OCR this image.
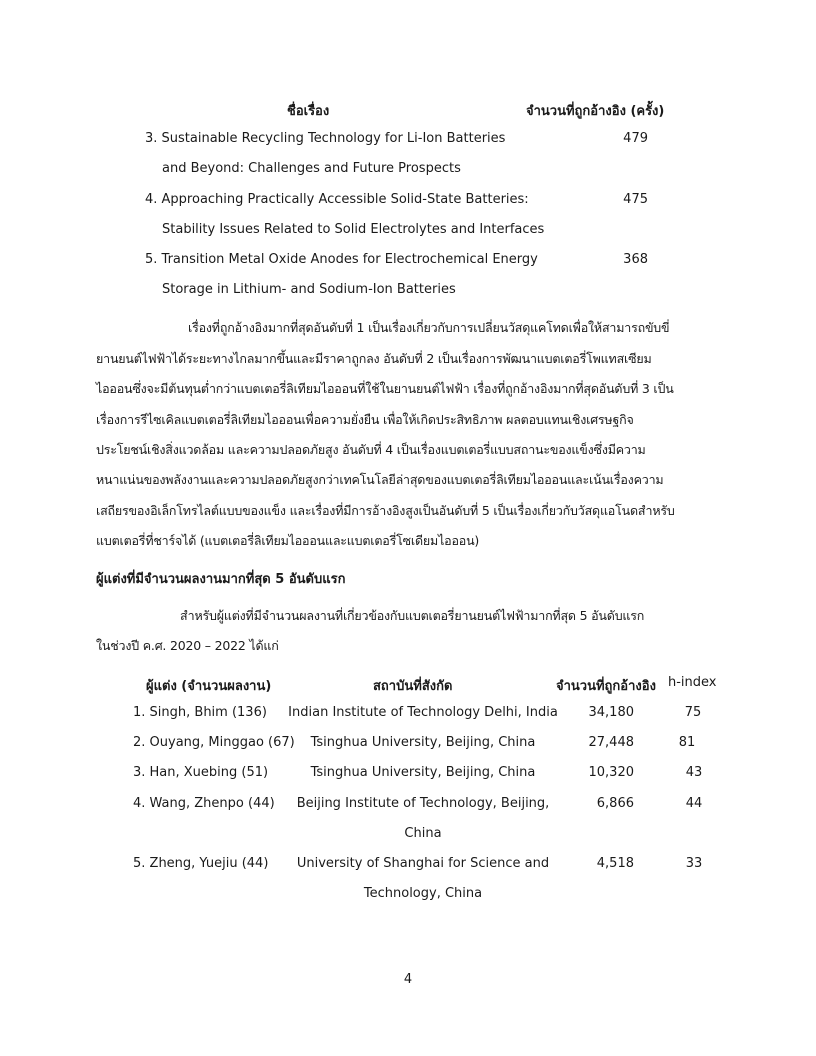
ชื่อเรื่อง	จำนวนที่ถูกอ้างอิง (ครั้ง)
3. Sustainable Recycling Technology for Li-Ion Batteries
and Beyond: Challenges and Future Prospects
479
4. Approaching Practically Accessible Solid-State Batteries:
Stability Issues Related to Solid Electrolytes and Interfaces
475
5. Transition Metal Oxide Anodes for Electrochemical Energy
Storage in Lithium- and Sodium-Ion Batteries
368
เรื่องที่ถูกอ้างอิงมากที่สุดอันดับที่ 1 เป็นเรื่องเกี่ยวกับการเปลี่ยนวัสดุแคโทดเพื่อให้สามารถขับขี่
ยานยนต์ไฟฟ้าได้ระยะทางไกลมากขึ้นและมีราคาถูกลง อันดับที่ 2 เป็นเรื่องการพัฒนาแบตเตอรี่โพแทสเซียม
ไอออนซึ่งจะมีต้นทุนต่ำกว่าแบตเตอรี่ลิเทียมไอออนที่ใช้ในยานยนต์ไฟฟ้า เรื่องที่ถูกอ้างอิงมากที่สุดอันดับที่ 3 เป็น
เรื่องการรีไซเคิลแบตเตอรี่ลิเทียมไอออนเพื่อความยั่งยืน เพื่อให้เกิดประสิทธิภาพ ผลตอบแทนเชิงเศรษฐกิจ
ประโยชน์เชิงสิ่งแวดล้อม และความปลอดภัยสูง อันดับที่ 4 เป็นเรื่องแบตเตอรี่แบบสถานะของแข็งซึ่งมีความ
หนาแน่นของพลังงานและความปลอดภัยสูงกว่าเทคโนโลยีล่าสุดของแบตเตอรี่ลิเทียมไอออนและเน้นเรื่องความ
เสถียรของอิเล็กโทรไลต์แบบของแข็ง และเรื่องที่มีการอ้างอิงสูงเป็นอันดับที่ 5 เป็นเรื่องเกี่ยวกับวัสดุแอโนดสำหรับ
แบตเตอรี่ที่ชาร์จได้ (แบตเตอรี่ลิเทียมไอออนและแบตเตอรี่โซเดียมไอออน)
ผู้แต่งที่มีจำนวนผลงานมากที่สุด 5 อันดับแรก
สำหรับผู้แต่งที่มีจำนวนผลงานที่เกี่ยวข้องกับแบตเตอรี่ยานยนต์ไฟฟ้ามากที่สุด 5 อันดับแรก
ในช่วงปี ค.ศ. 2020 – 2022 ได้แก่
ผู้แต่ง (จำนวนผลงาน)	สถาบันที่สังกัด	จำนวนที่ถูกอ้างอิง h-index
1. Singh, Bhim (136)	Indian Institute of Technology Delhi, India	34,180	75
2. Ouyang, Minggao (67)	Tsinghua University, Beijing, China	27,448	81
3. Han, Xuebing (51)	Tsinghua University, Beijing, China	10,320	43
4. Wang, Zhenpo (44)	Beijing Institute of Technology, Beijing,
China
6,866	44
5. Zheng, Yuejiu (44)	University of Shanghai for Science and
Technology, China
4,518	33
4
